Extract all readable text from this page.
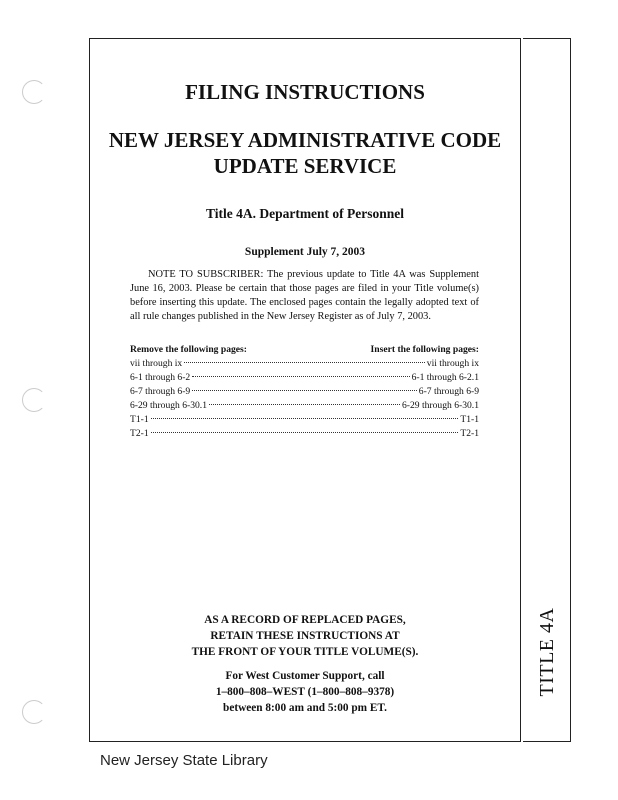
TITLE 4A
FILING INSTRUCTIONS
NEW JERSEY ADMINISTRATIVE CODE
UPDATE SERVICE
Title 4A. Department of Personnel
Supplement July 7, 2003
NOTE TO SUBSCRIBER: The previous update to Title 4A was Supplement June 16, 2003. Please be certain that those pages are filed in your Title volume(s) before inserting this update. The enclosed pages contain the legally adopted text of all rule changes published in the New Jersey Register as of July 7, 2003.
Remove the following pages:	Insert the following pages:
vii through ix	vii through ix
6-1 through 6-2	6-1 through 6-2.1
6-7 through 6-9	6-7 through 6-9
6-29 through 6-30.1	6-29 through 6-30.1
T1-1	T1-1
T2-1	T2-1
AS A RECORD OF REPLACED PAGES,
RETAIN THESE INSTRUCTIONS AT
THE FRONT OF YOUR TITLE VOLUME(S).
For West Customer Support, call
1–800–808–WEST (1–800–808–9378)
between 8:00 am and 5:00 pm ET.
New Jersey State Library
